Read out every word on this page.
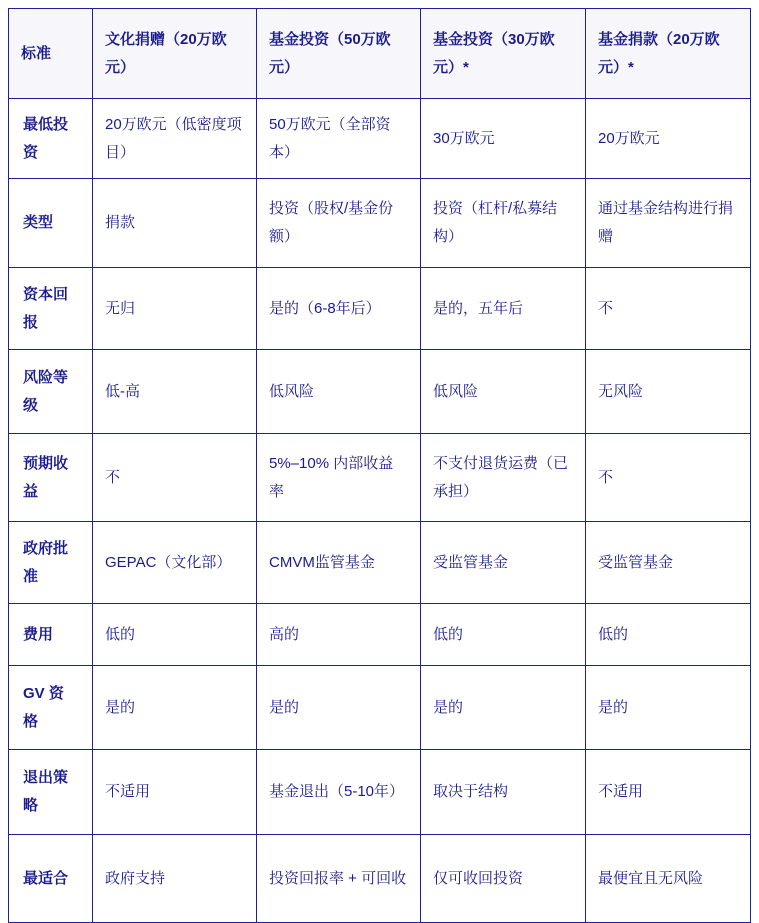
标准	文化捐赠（20万欧元）	基金投资（50万欧元）	基金投资（30万欧元）*	基金捐款（20万欧元）*
最低投资	20万欧元（低密度项目）	50万欧元（全部资本）	30万欧元	20万欧元
类型	捐款	投资（股权/基金份额）	投资（杠杆/私募结构）	通过基金结构进行捐赠
资本回报	无归	是的（6-8年后）	是的，五年后	不
风险等级	低-高	低风险	低风险	无风险
预期收益	不	5%–10% 内部收益率	不支付退货运费（已承担）	不
政府批准	GEPAC（文化部）	CMVM监管基金	受监管基金	受监管基金
费用	低的	高的	低的	低的
GV 资格	是的	是的	是的	是的
退出策略	不适用	基金退出（5-10年）	取决于结构	不适用
最适合	政府支持	投资回报率 + 可回收	仅可收回投资	最便宜且无风险
